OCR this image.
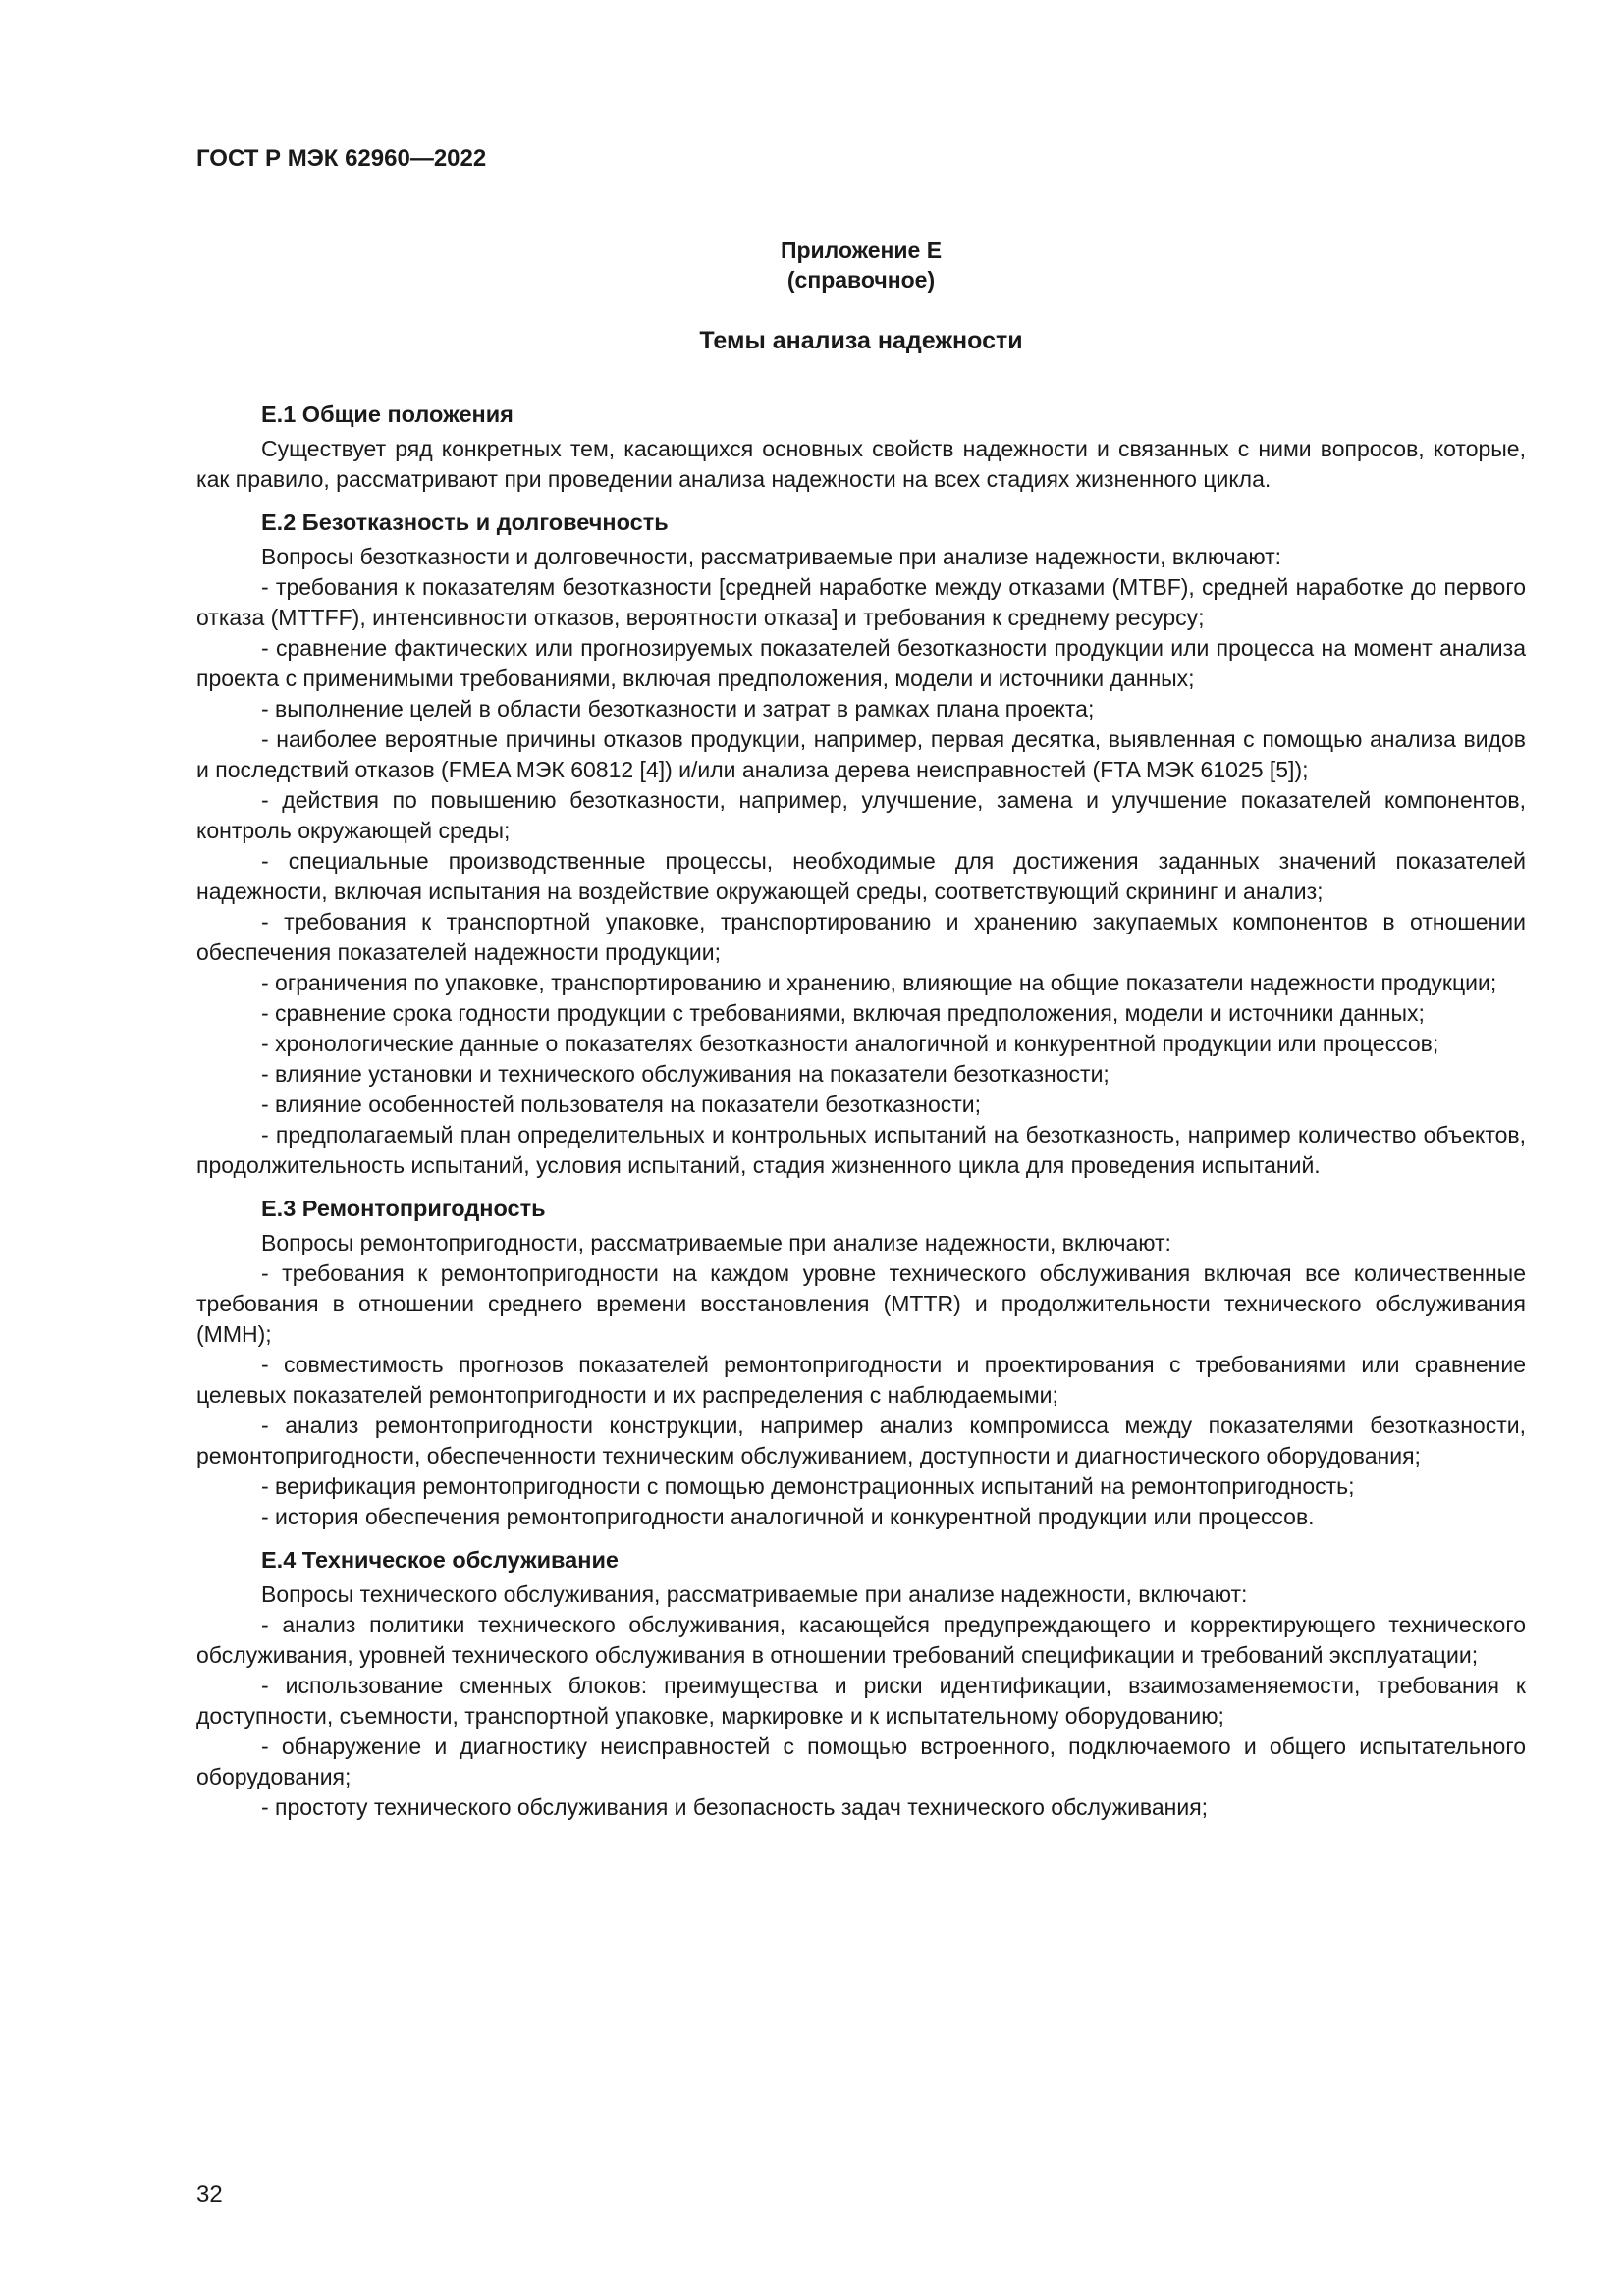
ГОСТ Р МЭК 62960—2022
Приложение Е
(справочное)
Темы анализа надежности
Е.1 Общие положения

Существует ряд конкретных тем, касающихся основных свойств надежности и связанных с ними вопросов, которые, как правило, рассматривают при проведении анализа надежности на всех стадиях жизненного цикла.

Е.2 Безотказность и долговечность

Вопросы безотказности и долговечности, рассматриваемые при анализе надежности, включают:

- требования к показателям безотказности [средней наработке между отказами (MTBF), средней наработке до первого отказа (MTTFF), интенсивности отказов, вероятности отказа] и требования к среднему ресурсу;

- сравнение фактических или прогнозируемых показателей безотказности продукции или процесса на момент анализа проекта с применимыми требованиями, включая предположения, модели и источники данных;

- выполнение целей в области безотказности и затрат в рамках плана проекта;

- наиболее вероятные причины отказов продукции, например, первая десятка, выявленная с помощью анализа видов и последствий отказов (FMEA МЭК 60812 [4]) и/или анализа дерева неисправностей (FTA МЭК 61025 [5]);

- действия по повышению безотказности, например, улучшение, замена и улучшение показателей компонентов, контроль окружающей среды;

- специальные производственные процессы, необходимые для достижения заданных значений показателей надежности, включая испытания на воздействие окружающей среды, соответствующий скрининг и анализ;

- требования к транспортной упаковке, транспортированию и хранению закупаемых компонентов в отношении обеспечения показателей надежности продукции;

- ограничения по упаковке, транспортированию и хранению, влияющие на общие показатели надежности продукции;

- сравнение срока годности продукции с требованиями, включая предположения, модели и источники данных;

- хронологические данные о показателях безотказности аналогичной и конкурентной продукции или процессов;

- влияние установки и технического обслуживания на показатели безотказности;

- влияние особенностей пользователя на показатели безотказности;

- предполагаемый план определительных и контрольных испытаний на безотказность, например количество объектов, продолжительность испытаний, условия испытаний, стадия жизненного цикла для проведения испытаний.

Е.3 Ремонтопригодность

Вопросы ремонтопригодности, рассматриваемые при анализе надежности, включают:

- требования к ремонтопригодности на каждом уровне технического обслуживания включая все количественные требования в отношении среднего времени восстановления (MTTR) и продолжительности технического обслуживания (MMH);

- совместимость прогнозов показателей ремонтопригодности и проектирования с требованиями или сравнение целевых показателей ремонтопригодности и их распределения с наблюдаемыми;

- анализ ремонтопригодности конструкции, например анализ компромисса между показателями безотказности, ремонтопригодности, обеспеченности техническим обслуживанием, доступности и диагностического оборудования;

- верификация ремонтопригодности с помощью демонстрационных испытаний на ремонтопригодность;

- история обеспечения ремонтопригодности аналогичной и конкурентной продукции или процессов.

Е.4 Техническое обслуживание

Вопросы технического обслуживания, рассматриваемые при анализе надежности, включают:

- анализ политики технического обслуживания, касающейся предупреждающего и корректирующего технического обслуживания, уровней технического обслуживания в отношении требований спецификации и требований эксплуатации;

- использование сменных блоков: преимущества и риски идентификации, взаимозаменяемости, требования к доступности, съемности, транспортной упаковке, маркировке и к испытательному оборудованию;

- обнаружение и диагностику неисправностей с помощью встроенного, подключаемого и общего испытательного оборудования;

- простоту технического обслуживания и безопасность задач технического обслуживания;

32
